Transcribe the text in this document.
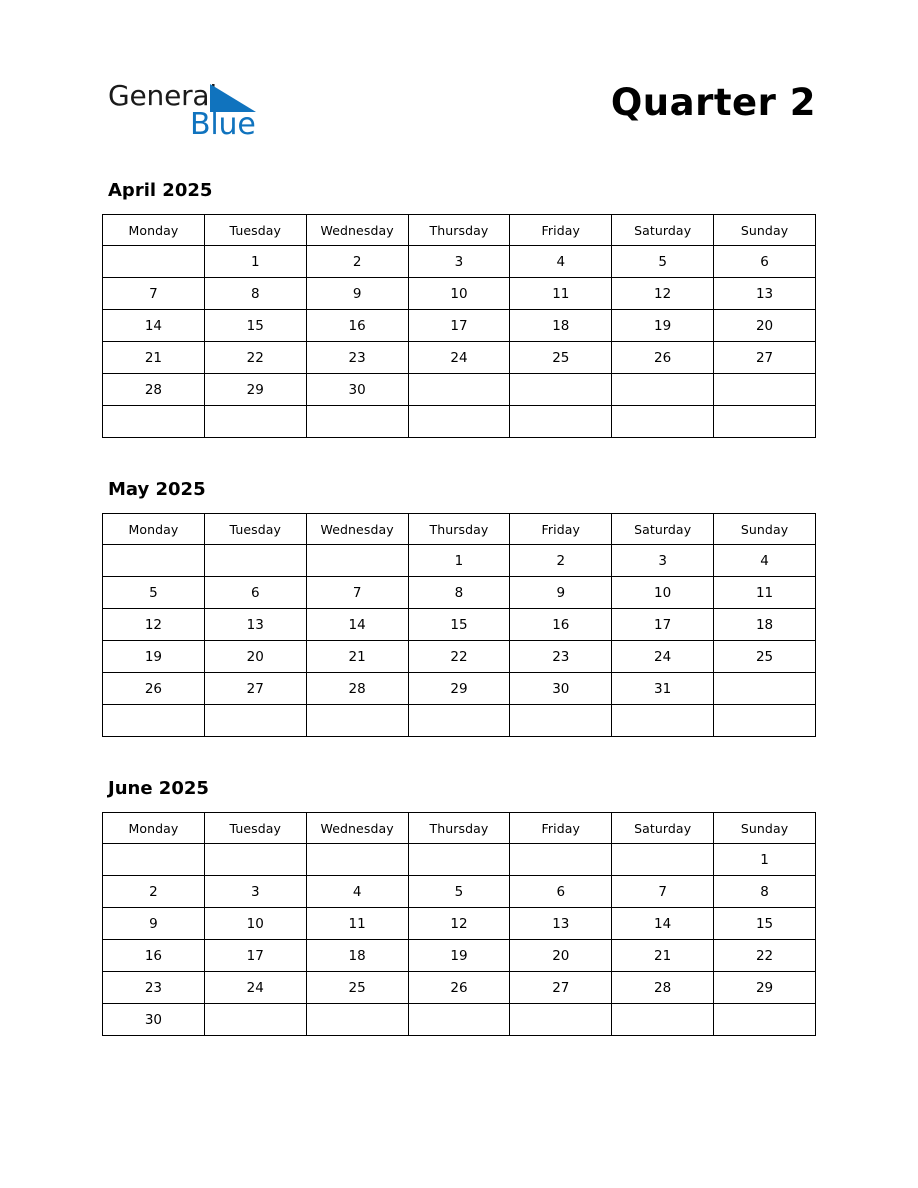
General
Blue
Quarter 2
April 2025
Monday	Tuesday	Wednesday	Thursday	Friday	Saturday	Sunday
	1	2	3	4	5	6
7	8	9	10	11	12	13
14	15	16	17	18	19	20
21	22	23	24	25	26	27
28	29	30				

May 2025
Monday	Tuesday	Wednesday	Thursday	Friday	Saturday	Sunday
			1	2	3	4
5	6	7	8	9	10	11
12	13	14	15	16	17	18
19	20	21	22	23	24	25
26	27	28	29	30	31	

June 2025
Monday	Tuesday	Wednesday	Thursday	Friday	Saturday	Sunday
						1
2	3	4	5	6	7	8
9	10	11	12	13	14	15
16	17	18	19	20	21	22
23	24	25	26	27	28	29
30						
